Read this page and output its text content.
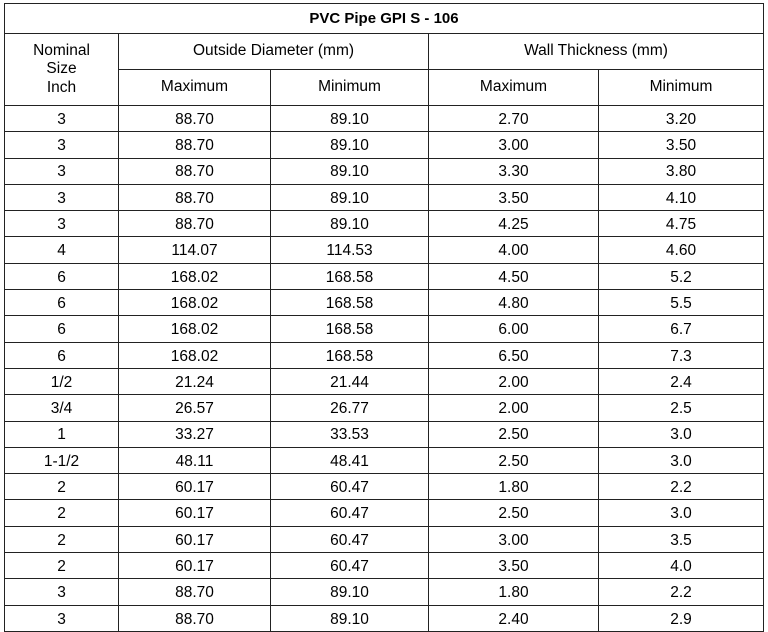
PVC Pipe GPI S - 106				
Nominal
Size
Inch	Outside Diameter (mm)		Wall Thickness (mm)	
	Maximum	Minimum	Maximum	Minimum
3	88.70	89.10	2.70	3.20
3	88.70	89.10	3.00	3.50
3	88.70	89.10	3.30	3.80
3	88.70	89.10	3.50	4.10
3	88.70	89.10	4.25	4.75
4	114.07	114.53	4.00	4.60
6	168.02	168.58	4.50	5.2
6	168.02	168.58	4.80	5.5
6	168.02	168.58	6.00	6.7
6	168.02	168.58	6.50	7.3
1/2	21.24	21.44	2.00	2.4
3/4	26.57	26.77	2.00	2.5
1	33.27	33.53	2.50	3.0
1-1/2	48.11	48.41	2.50	3.0
2	60.17	60.47	1.80	2.2
2	60.17	60.47	2.50	3.0
2	60.17	60.47	3.00	3.5
2	60.17	60.47	3.50	4.0
3	88.70	89.10	1.80	2.2
3	88.70	89.10	2.40	2.9
